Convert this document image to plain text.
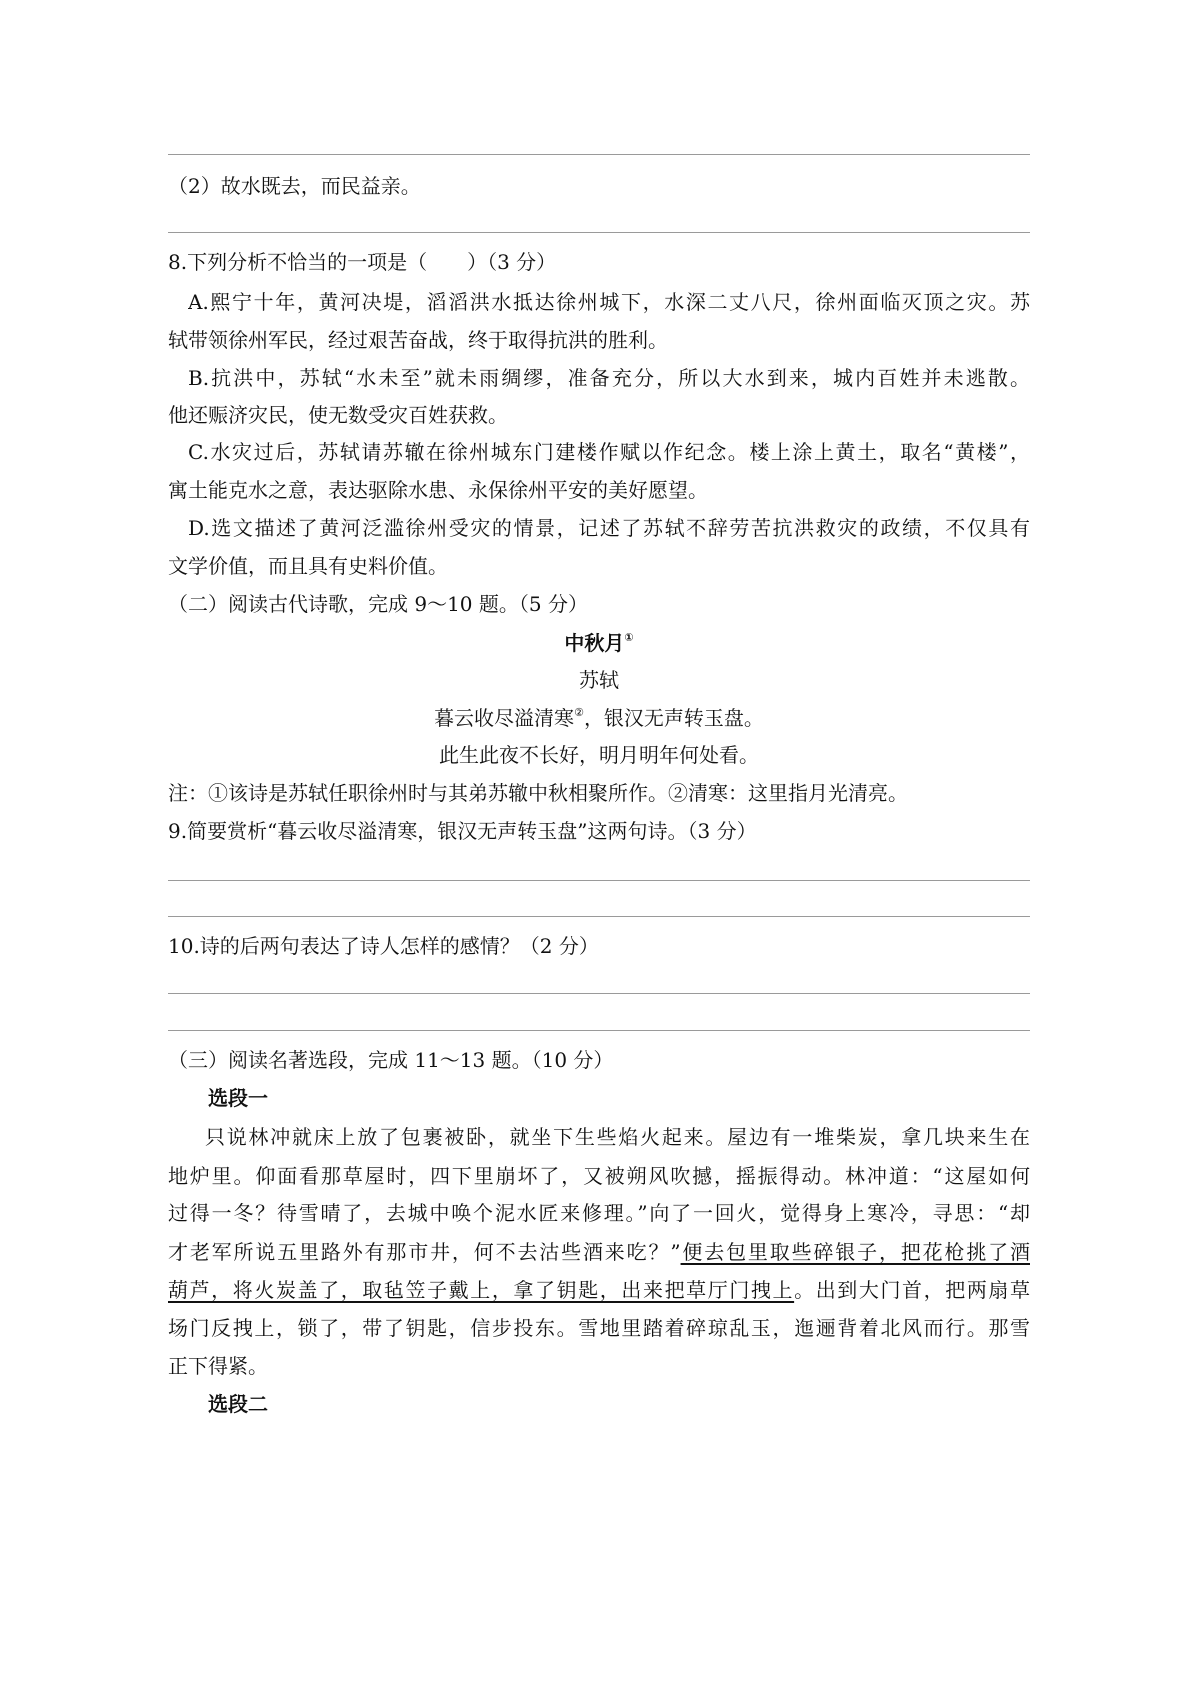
（2）故水既去，而民益亲。
8.下列分析不恰当的一项是（　　）（3 分）
A.熙宁十年，黄河决堤，滔滔洪水抵达徐州城下，水深二丈八尺，徐州面临灭顶之灾。苏
轼带领徐州军民，经过艰苦奋战，终于取得抗洪的胜利。
B.抗洪中，苏轼“水未至”就未雨绸缪，准备充分，所以大水到来，城内百姓并未逃散。
他还赈济灾民，使无数受灾百姓获救。
C.水灾过后，苏轼请苏辙在徐州城东门建楼作赋以作纪念。楼上涂上黄土，取名“黄楼”，
寓土能克水之意，表达驱除水患、永保徐州平安的美好愿望。
D.选文描述了黄河泛滥徐州受灾的情景，记述了苏轼不辞劳苦抗洪救灾的政绩，不仅具有
文学价值，而且具有史料价值。
（二）阅读古代诗歌，完成 9～10 题。（5 分）
中秋月①
苏轼
暮云收尽溢清寒②，银汉无声转玉盘。
此生此夜不长好，明月明年何处看。
注：①该诗是苏轼任职徐州时与其弟苏辙中秋相聚所作。②清寒：这里指月光清亮。
9.简要赏析“暮云收尽溢清寒，银汉无声转玉盘”这两句诗。（3 分）
10.诗的后两句表达了诗人怎样的感情？（2 分）
（三）阅读名著选段，完成 11～13 题。（10 分）
选段一
只说林冲就床上放了包裹被卧，就坐下生些焰火起来。屋边有一堆柴炭，拿几块来生在
地炉里。仰面看那草屋时，四下里崩坏了，又被朔风吹撼，摇振得动。林冲道：“这屋如何
过得一冬？待雪晴了，去城中唤个泥水匠来修理。”向了一回火，觉得身上寒冷，寻思：“却
才老军所说五里路外有那市井，何不去沽些酒来吃？”便去包里取些碎银子，把花枪挑了酒
葫芦，将火炭盖了，取毡笠子戴上，拿了钥匙，出来把草厅门拽上。出到大门首，把两扇草
场门反拽上，锁了，带了钥匙，信步投东。雪地里踏着碎琼乱玉，迤逦背着北风而行。那雪
正下得紧。
选段二
